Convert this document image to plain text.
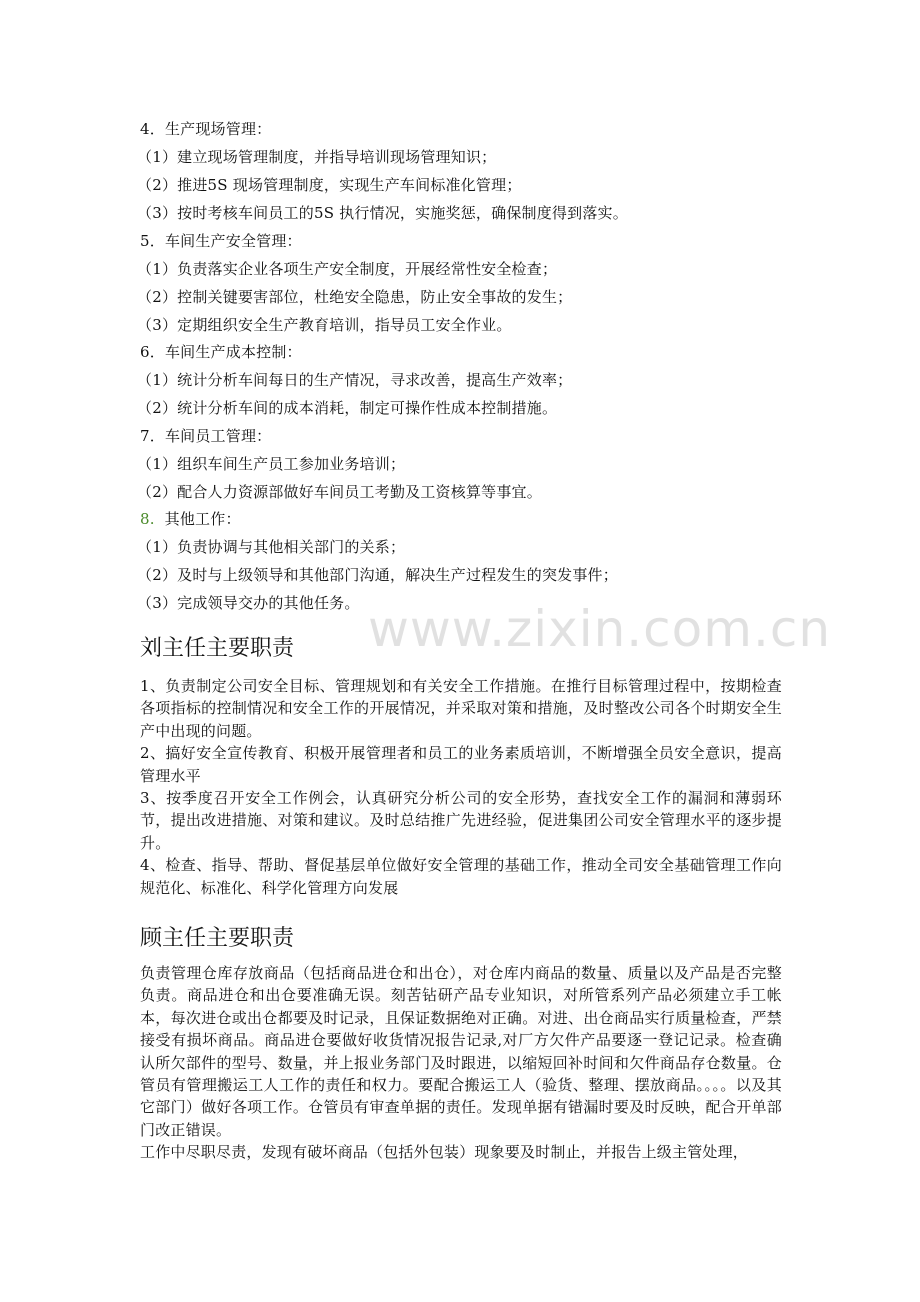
4．生产现场管理：
（1）建立现场管理制度，并指导培训现场管理知识；
（2）推进5S 现场管理制度，实现生产车间标准化管理；
（3）按时考核车间员工的5S 执行情况，实施奖惩，确保制度得到落实。
5．车间生产安全管理：
（1）负责落实企业各项生产安全制度，开展经常性安全检查；
（2）控制关键要害部位，杜绝安全隐患，防止安全事故的发生；
（3）定期组织安全生产教育培训，指导员工安全作业。
6．车间生产成本控制：
（1）统计分析车间每日的生产情况，寻求改善，提高生产效率；
（2）统计分析车间的成本消耗，制定可操作性成本控制措施。
7．车间员工管理：
（1）组织车间生产员工参加业务培训；
（2）配合人力资源部做好车间员工考勤及工资核算等事宜。
8. 其他工作：
（1）负责协调与其他相关部门的关系；
（2）及时与上级领导和其他部门沟通，解决生产过程发生的突发事件；
（3）完成领导交办的其他任务。 www.zixin.com.cn
刘主任主要职责

1、负责制定公司安全目标、管理规划和有关安全工作措施。在推行目标管理过程中，按期检查各项指标的控制情况和安全工作的开展情况，并采取对策和措施，及时整改公司各个时期安全生产中出现的问题。

2、搞好安全宣传教育、积极开展管理者和员工的业务素质培训，不断增强全员安全意识，提高管理水平

3、按季度召开安全工作例会，认真研究分析公司的安全形势，查找安全工作的漏洞和薄弱环节，提出改进措施、对策和建议。及时总结推广先进经验，促进集团公司安全管理水平的逐步提升。

4、检查、指导、帮助、督促基层单位做好安全管理的基础工作，推动全司安全基础管理工作向规范化、标准化、科学化管理方向发展

顾主任主要职责

负责管理仓库存放商品（包括商品进仓和出仓），对仓库内商品的数量、质量以及产品是否完整负责。商品进仓和出仓要准确无误。刻苦钻研产品专业知识，对所管系列产品必须建立手工帐本，每次进仓或出仓都要及时记录，且保证数据绝对正确。对进、出仓商品实行质量检查，严禁接受有损坏商品。商品进仓要做好收货情况报告记录,对厂方欠件产品要逐一登记记录。检查确认所欠部件的型号、数量，并上报业务部门及时跟进，以缩短回补时间和欠件商品存仓数量。仓管员有管理搬运工人工作的责任和权力。要配合搬运工人（验货、整理、摆放商品。。。。以及其它部门）做好各项工作。仓管员有审查单据的责任。发现单据有错漏时要及时反映，配合开单部门改正错误。

工作中尽职尽责，发现有破坏商品（包括外包装）现象要及时制止，并报告上级主管处理，
